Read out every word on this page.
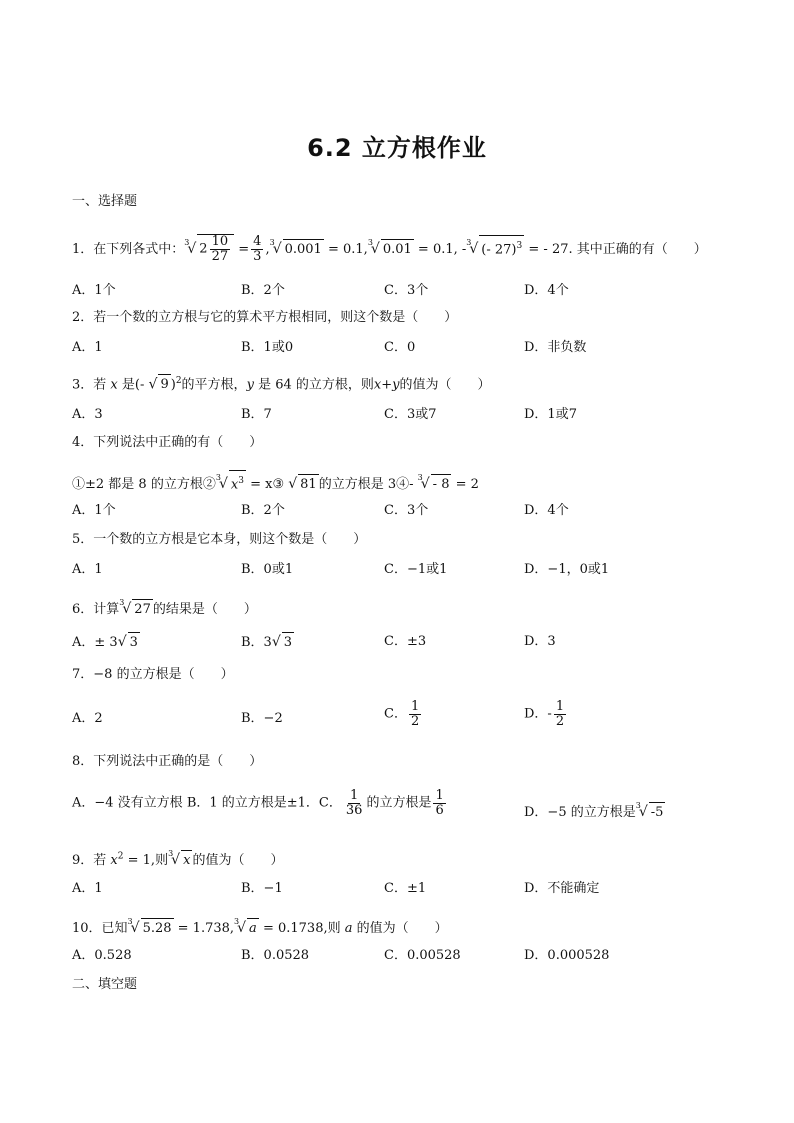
6.2 立方根作业
一、选择题
1．在下列各式中：$^3$√ $2 \frac{10}{27} = \frac{4}{3} ,^3√$ 0.001 = 0.1,$^3$√ 0.01 = 0.1, -$^3$√ (- 27)$^3$ = - 27. 其中正确的有（　　）
A．1个	B．2个	C．3个	D．4个
2．若一个数的立方根与它的算术平方根相同，则这个数是（　　）
A．1	B．1或0	C．0	D．非负数
3．若 x 是(- √ 9 )$^2$的平方根，y 是 64 的立方根，则x+y的值为（　　）
A．3	B．7	C．3或7	D．1或7
4．下列说法中正确的有（　　）
①±2 都是 8 的立方根②$^3$√ $x^3$ = x③ √ 81 的立方根是 3④- $^3$√ - 8 = 2
A．1个	B．2个	C．3个	D．4个
5．一个数的立方根是它本身，则这个数是（　　）
A．1	B．0或1	C．−1或1	D．−1，0或1
6．计算$^3$√ 27 的结果是（　　）
A．± 3√ 3	B．3√ 3	C．±3	D．3
7．−8 的立方根是（　　）
A．2	B．−2	C． $\frac{1}{2}$	D．- $\frac{1}{2}$
8．下列说法中正确的是（　　）
A．−4 没有立方根 B．1 的立方根是±1．C． $\frac{1}{36}$ 的立方根是 $\frac{1}{6}$	D．−5 的立方根是$^3$√ -5
9．若 $x^2 = 1$,则$^3$√ x 的值为（　　）
A．1	B．−1	C．±1	D．不能确定
10．已知$^3$√ 5.28 = 1.738,$^3$√ a = 0.1738,则 a 的值为（　　）
A．0.528	B．0.0528	C．0.00528	D．0.000528
二、填空题
